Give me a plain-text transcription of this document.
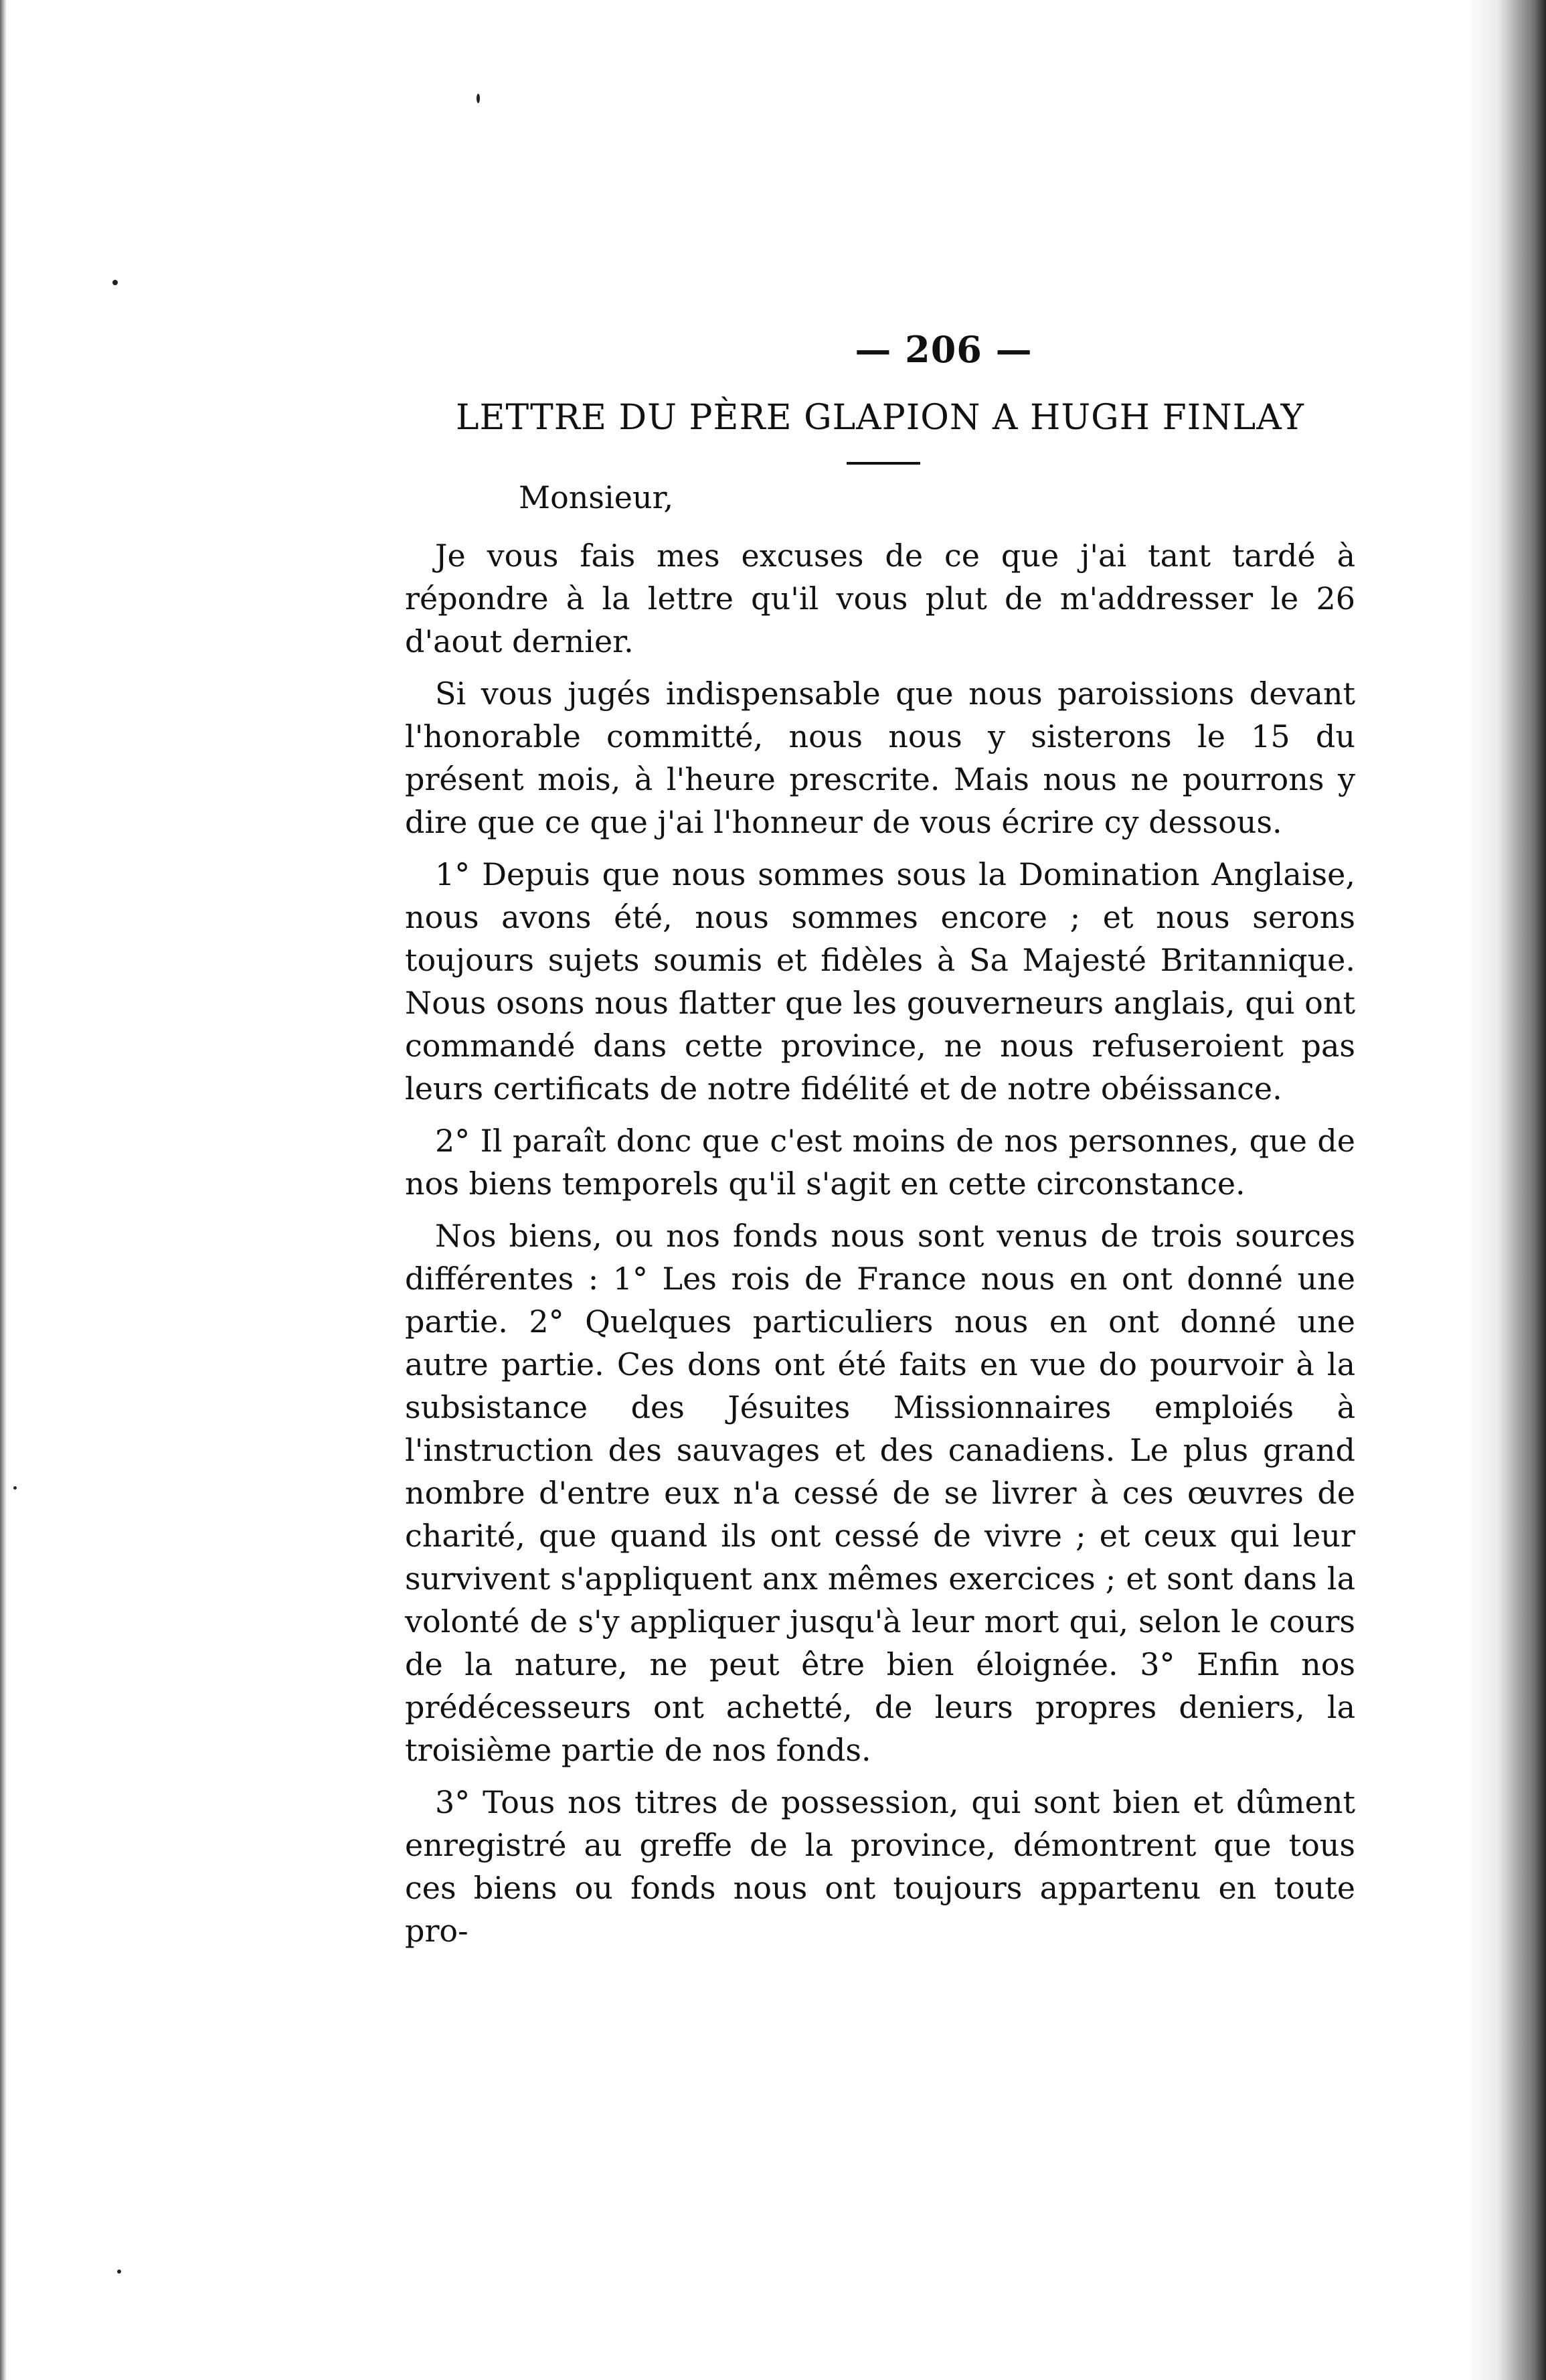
— 206 —
LETTRE DU PÈRE GLAPION A HUGH FINLAY
Monsieur,

Je vous fais mes excuses de ce que j'ai tant tardé à répondre à la lettre qu'il vous plut de m'addresser le 26 d'aout dernier.

Si vous jugés indispensable que nous paroissions devant l'honorable committé, nous nous y sisterons le 15 du présent mois, à l'heure prescrite. Mais nous ne pourrons y dire que ce que j'ai l'honneur de vous écrire cy dessous.

1° Depuis que nous sommes sous la Domination Anglaise, nous avons été, nous sommes encore ; et nous serons toujours sujets soumis et fidèles à Sa Majesté Britannique. Nous osons nous flatter que les gouverneurs anglais, qui ont commandé dans cette province, ne nous refuseroient pas leurs certificats de notre fidélité et de notre obéissance.

2° Il paraît donc que c'est moins de nos personnes, que de nos biens temporels qu'il s'agit en cette circonstance.

Nos biens, ou nos fonds nous sont venus de trois sources différentes : 1° Les rois de France nous en ont donné une partie. 2° Quelques particuliers nous en ont donné une autre partie. Ces dons ont été faits en vue do pourvoir à la subsistance des Jésuites Missionnaires emploiés à l'instruction des sauvages et des canadiens. Le plus grand nombre d'entre eux n'a cessé de se livrer à ces œuvres de charité, que quand ils ont cessé de vivre ; et ceux qui leur survivent s'appliquent anx mêmes exercices ; et sont dans la volonté de s'y appliquer jusqu'à leur mort qui, selon le cours de la nature, ne peut être bien éloignée. 3° Enfin nos prédécesseurs ont achetté, de leurs propres deniers, la troisième partie de nos fonds.

3° Tous nos titres de possession, qui sont bien et dûment enregistré au greffe de la province, démontrent que tous ces biens ou fonds nous ont toujours appartenu en toute pro-
